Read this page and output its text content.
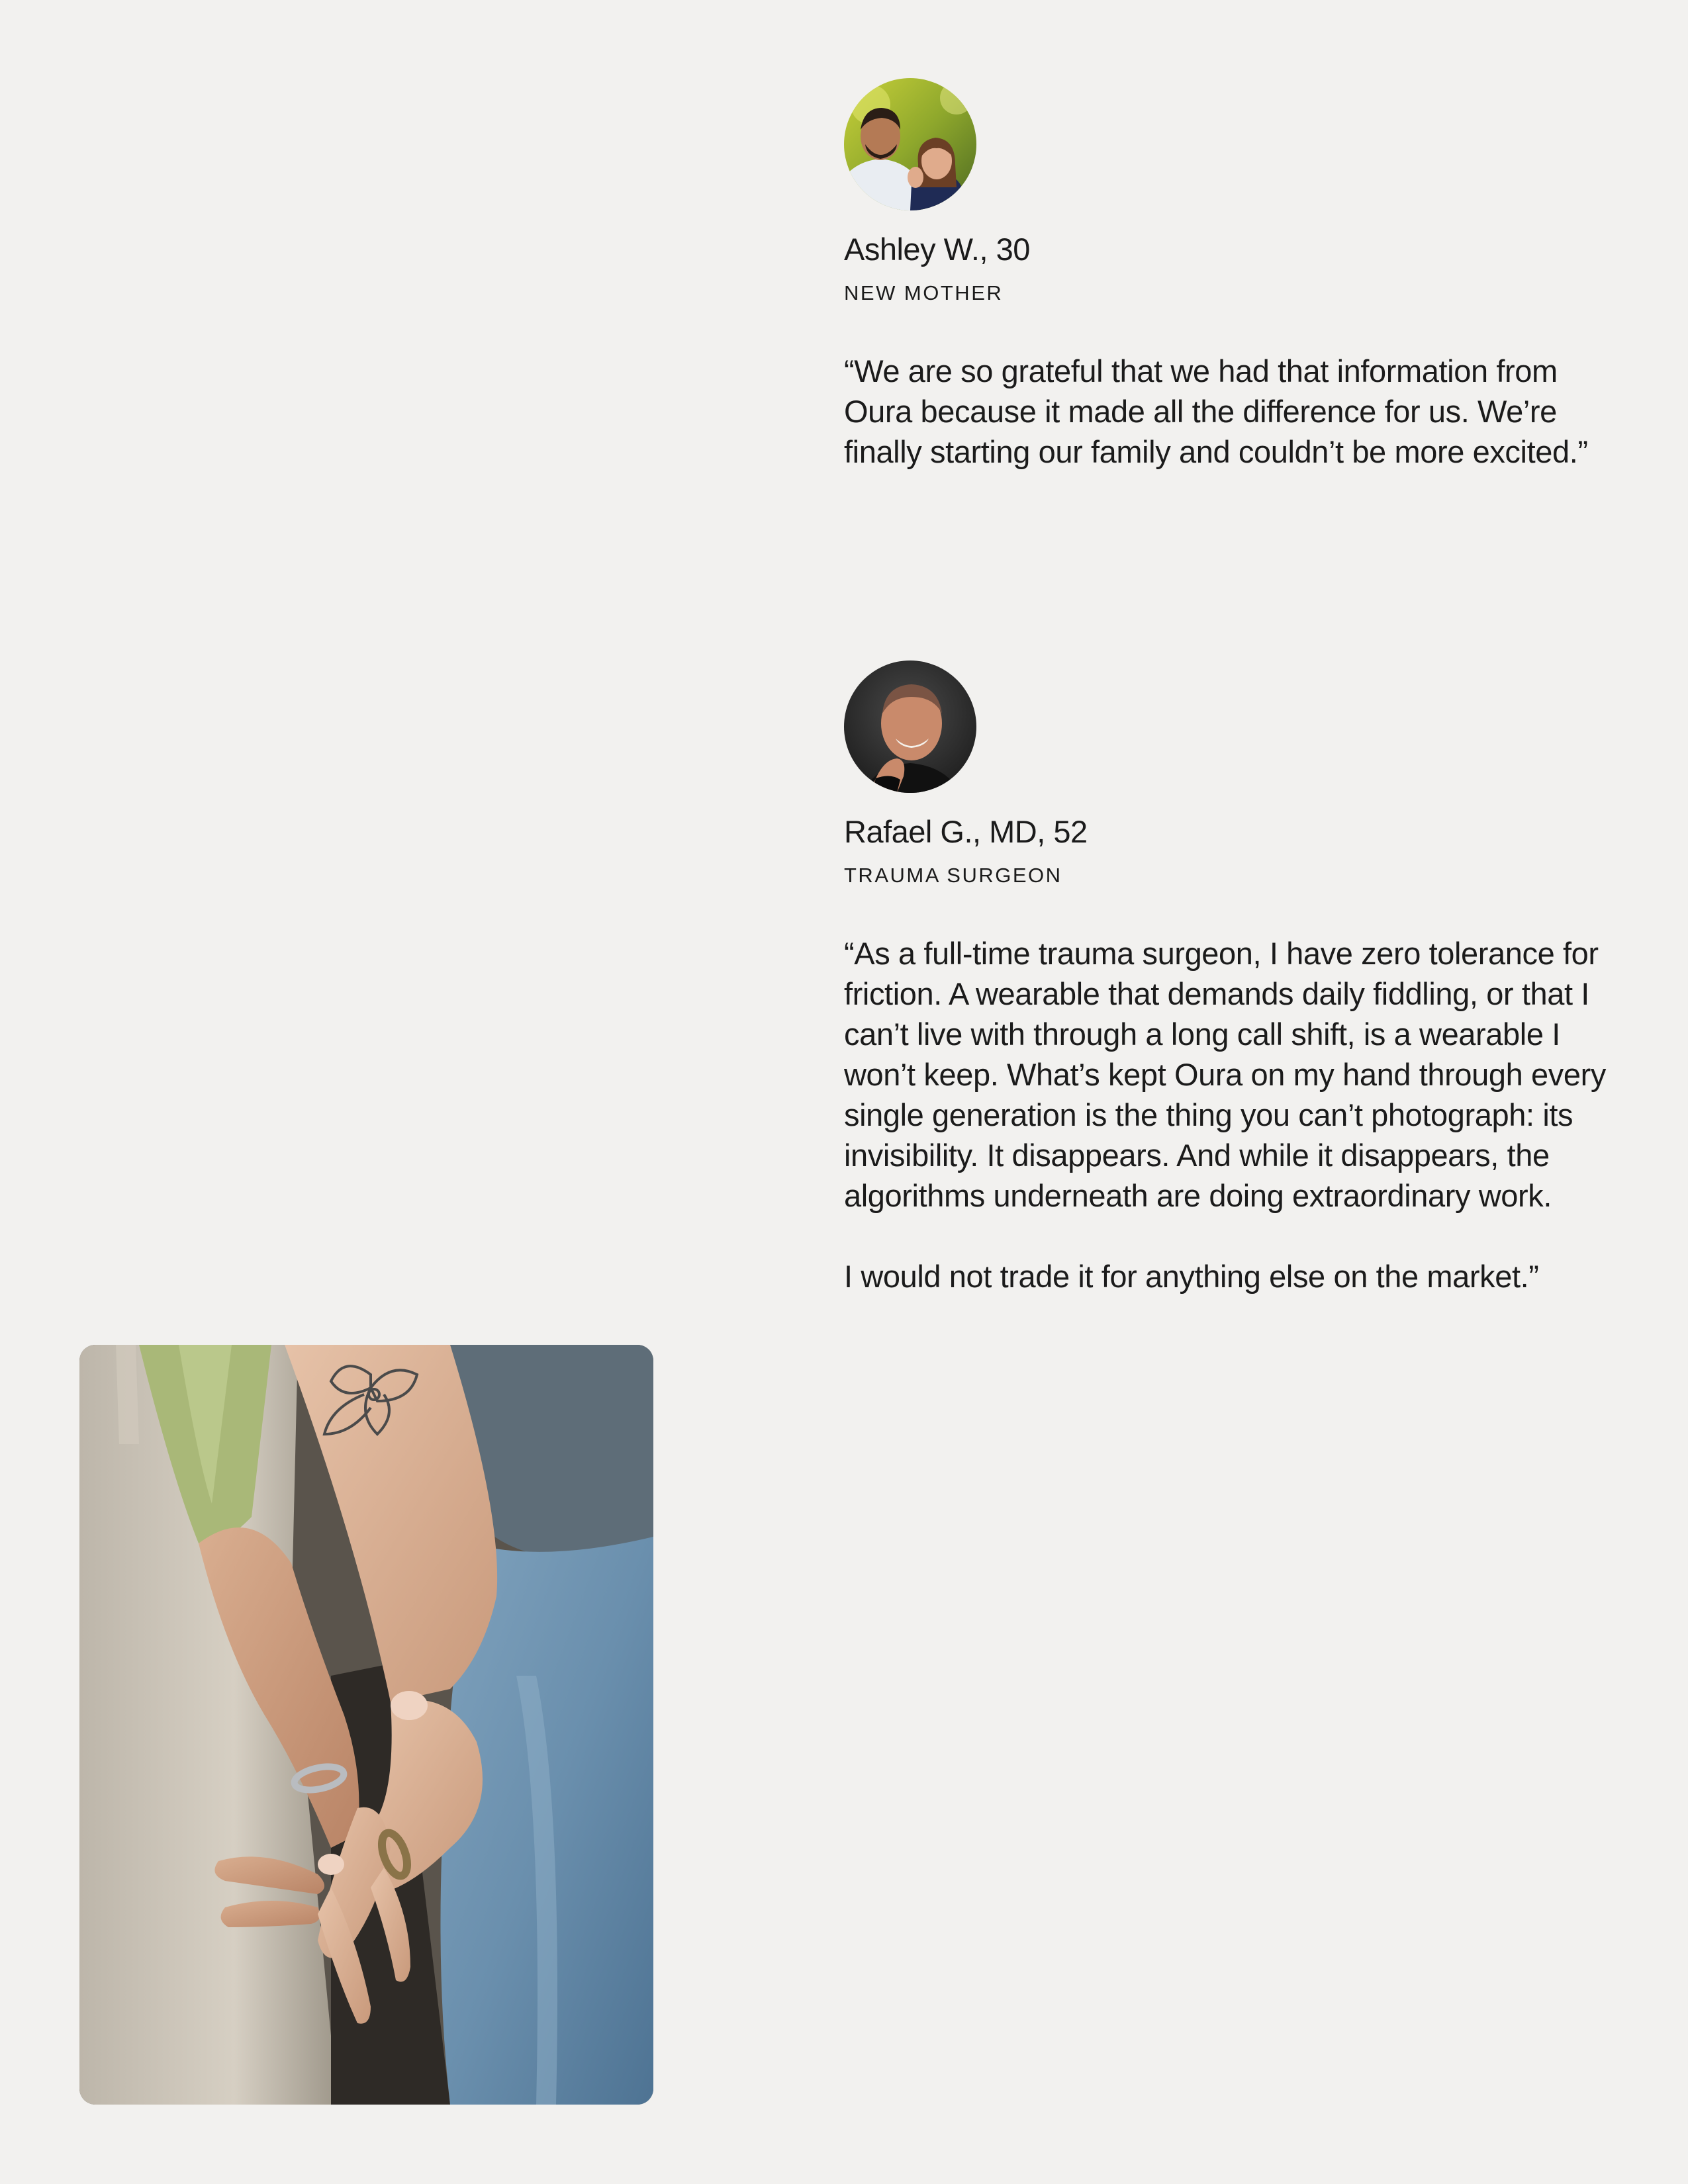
Ashley W., 30
NEW MOTHER
“We are so grateful that we had that information from Oura because it made all the difference for us. We’re finally starting our family and couldn’t be more excited.”
Rafael G., MD, 52
TRAUMA SURGEON
“As a full-time trauma surgeon, I have zero tolerance for friction. A wearable that demands daily fiddling, or that I can’t live with through a long call shift, is a wearable I won’t keep. What’s kept Oura on my hand through every single generation is the thing you can’t photograph: its invisibility. It disappears. And while it disappears, the algorithms underneath are doing extraordinary work.

I would not trade it for anything else on the market.”
